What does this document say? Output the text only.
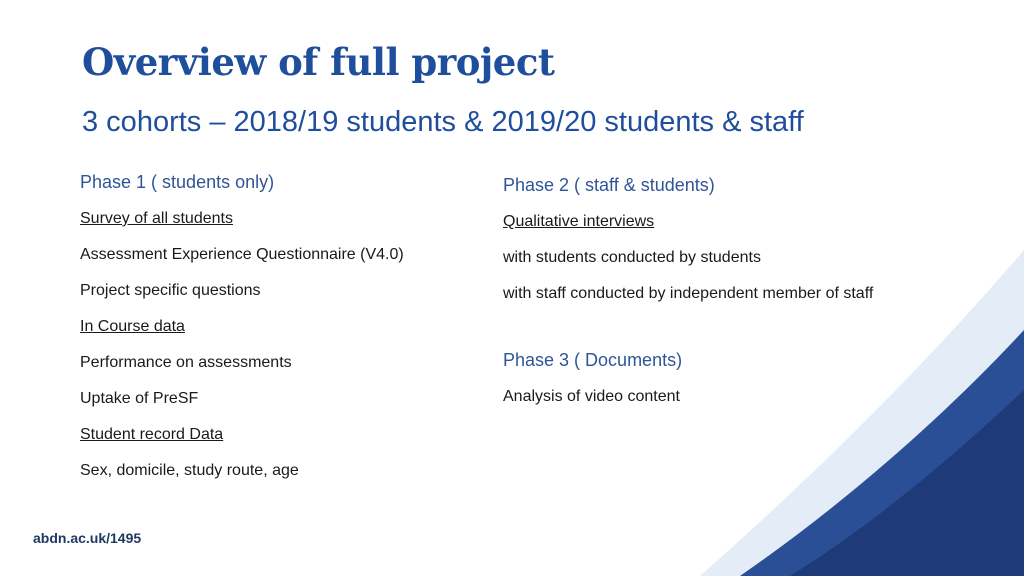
Overview of full project
3 cohorts – 2018/19 students & 2019/20 students & staff
Phase 1 ( students only)
Survey of all students
Assessment Experience Questionnaire (V4.0)
Project specific questions
In Course data
Performance on assessments
Uptake of PreSF
Student record Data
Sex, domicile, study route, age
Phase 2 ( staff & students)
Qualitative interviews
with students conducted by students
with staff conducted by independent member of staff
Phase 3 ( Documents)
Analysis of video content
abdn.ac.uk/1495
